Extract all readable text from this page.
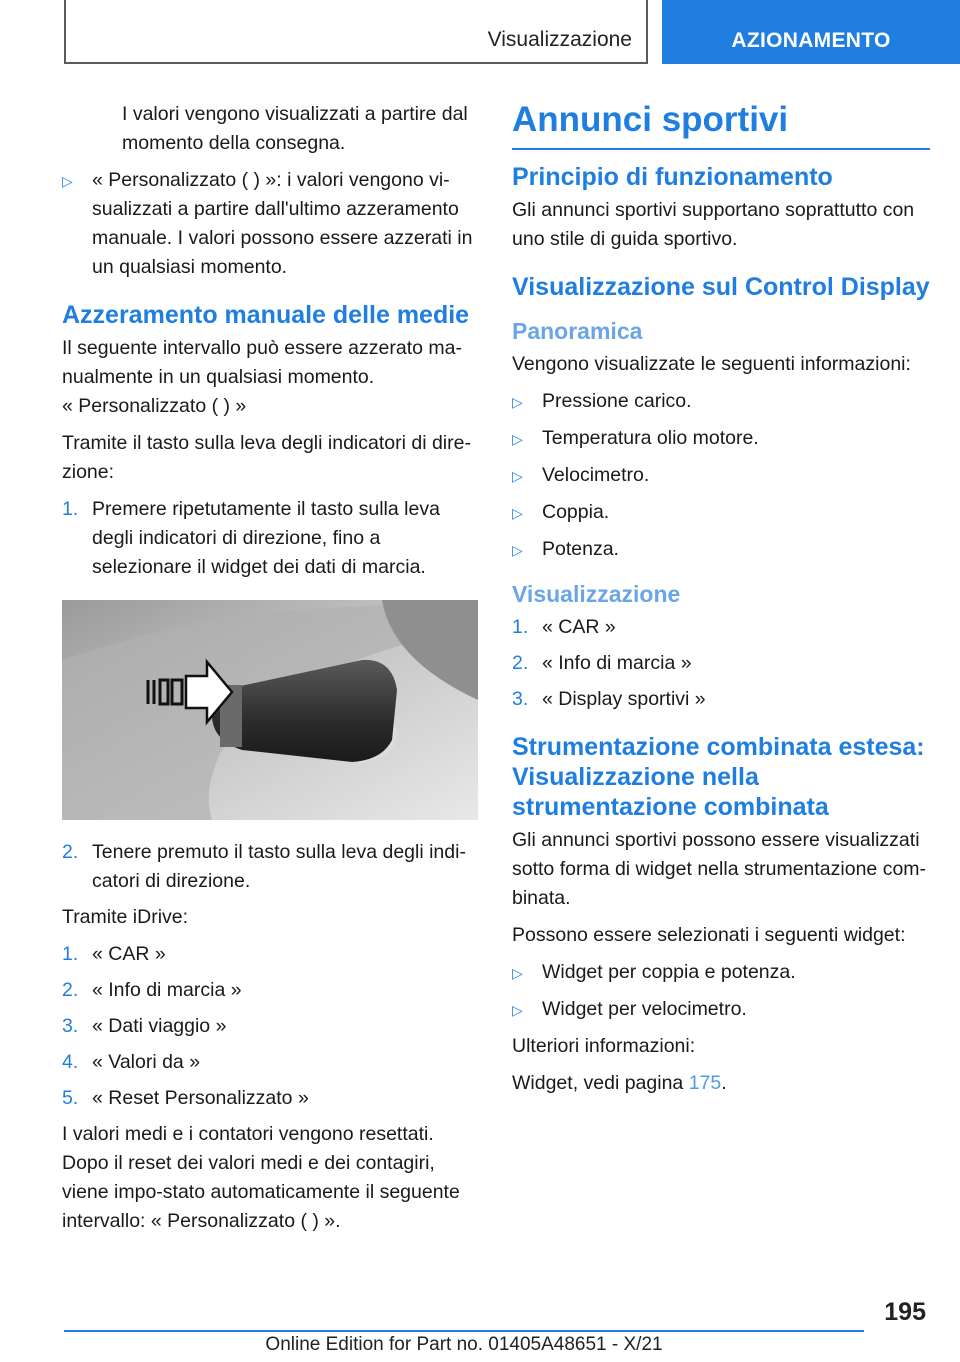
Visualizzazione	AZIONAMENTO

I valori vengono visualizzati a partire dal momento della consegna.

▷ « Personalizzato ( ) »: i valori vengono vi-sualizzati a partire dall'ultimo azzeramento manuale. I valori possono essere azzerati in un qualsiasi momento.
Azzeramento manuale delle medie

Il seguente intervallo può essere azzerato ma-nualmente in un qualsiasi momento.

« Personalizzato ( ) »

Tramite il tasto sulla leva degli indicatori di dire-zione:

1. Premere ripetutamente il tasto sulla leva degli indicatori di direzione, fino a selezionare il widget dei dati di marcia.
2. Tenere premuto il tasto sulla leva degli indi-catori di direzione.

Tramite iDrive:

1. « CAR »
2. « Info di marcia »
3. « Dati viaggio »
4. « Valori da »
5. « Reset Personalizzato »

I valori medi e i contatori vengono resettati. Dopo il reset dei valori medi e dei contagiri, viene impo-stato automaticamente il seguente intervallo: « Personalizzato ( ) ».

Annunci sportivi
Principio di funzionamento

Gli annunci sportivi supportano soprattutto con uno stile di guida sportivo.

Visualizzazione sul Control Display
Panoramica

Vengono visualizzate le seguenti informazioni:

▷ Pressione carico.
▷ Temperatura olio motore.
▷ Velocimetro.
▷ Coppia.
▷ Potenza.
Visualizzazione
1. « CAR »
2. « Info di marcia »
3. « Display sportivi »
Strumentazione combinata estesa: Visualizzazione nella strumentazione combinata

Gli annunci sportivi possono essere visualizzati sotto forma di widget nella strumentazione com-binata.

Possono essere selezionati i seguenti widget:

▷ Widget per coppia e potenza.
▷ Widget per velocimetro.

Ulteriori informazioni:

Widget, vedi pagina 175.

195
Online Edition for Part no. 01405A48651 - X/21
